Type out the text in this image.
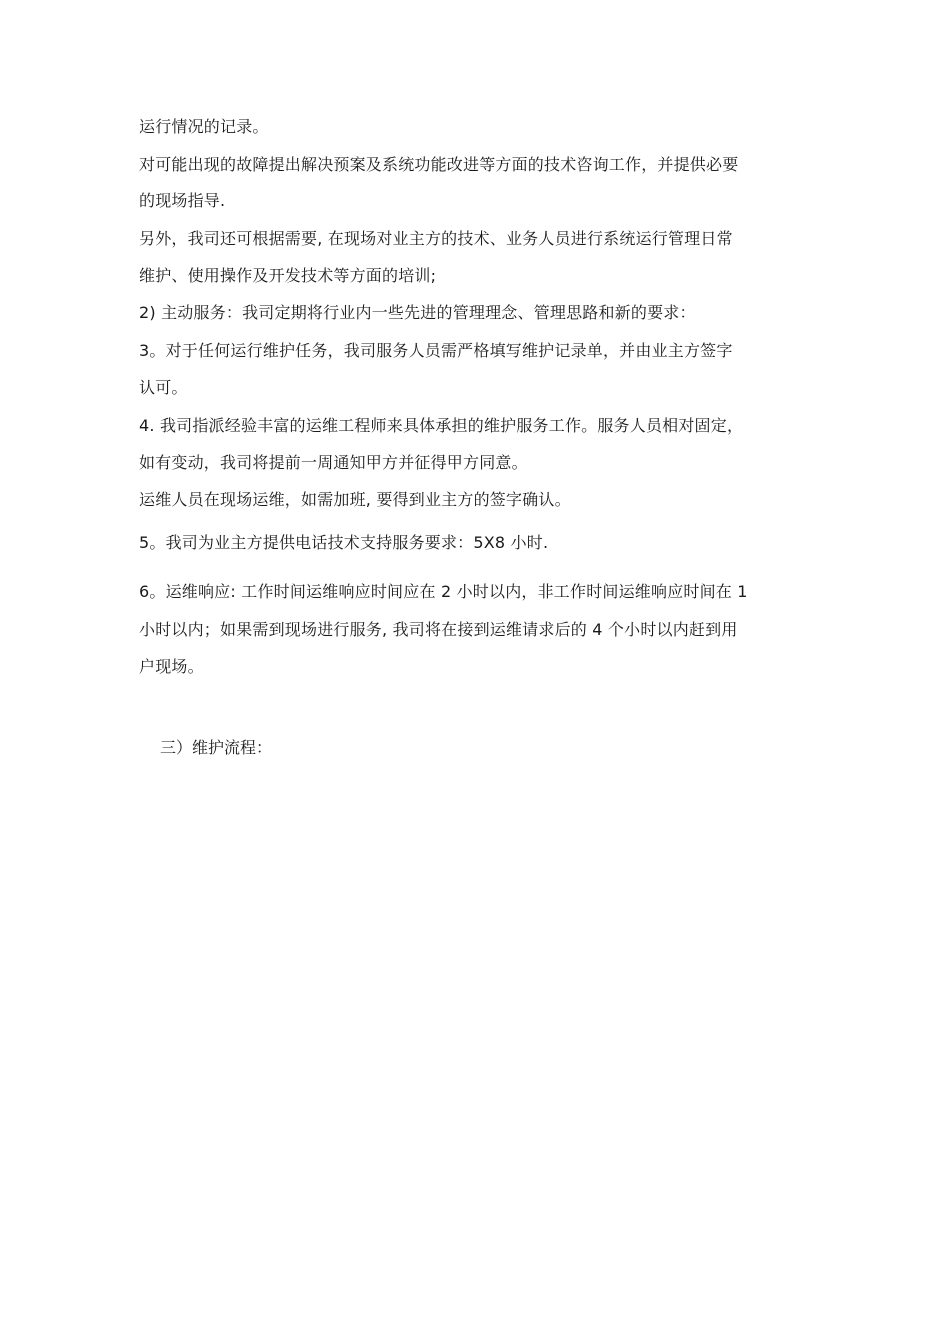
运行情况的记录。
对可能出现的故障提出解决预案及系统功能改进等方面的技术咨询工作，并提供必要
的现场指导.
另外，我司还可根据需要, 在现场对业主方的技术、业务人员进行系统运行管理日常
维护、使用操作及开发技术等方面的培训;
2) 主动服务：我司定期将行业内一些先进的管理理念、管理思路和新的要求：
3。对于任何运行维护任务，我司服务人员需严格填写维护记录单，并由业主方签字
认可。
4. 我司指派经验丰富的运维工程师来具体承担的维护服务工作。服务人员相对固定，
如有变动，我司将提前一周通知甲方并征得甲方同意。
运维人员在现场运维，如需加班, 要得到业主方的签字确认。
5。我司为业主方提供电话技术支持服务要求：5X8 小时.
6。运维响应: 工作时间运维响应时间应在 2 小时以内，非工作时间运维响应时间在 1
小时以内；如果需到现场进行服务, 我司将在接到运维请求后的 4 个小时以内赶到用
户现场。
三）维护流程：
